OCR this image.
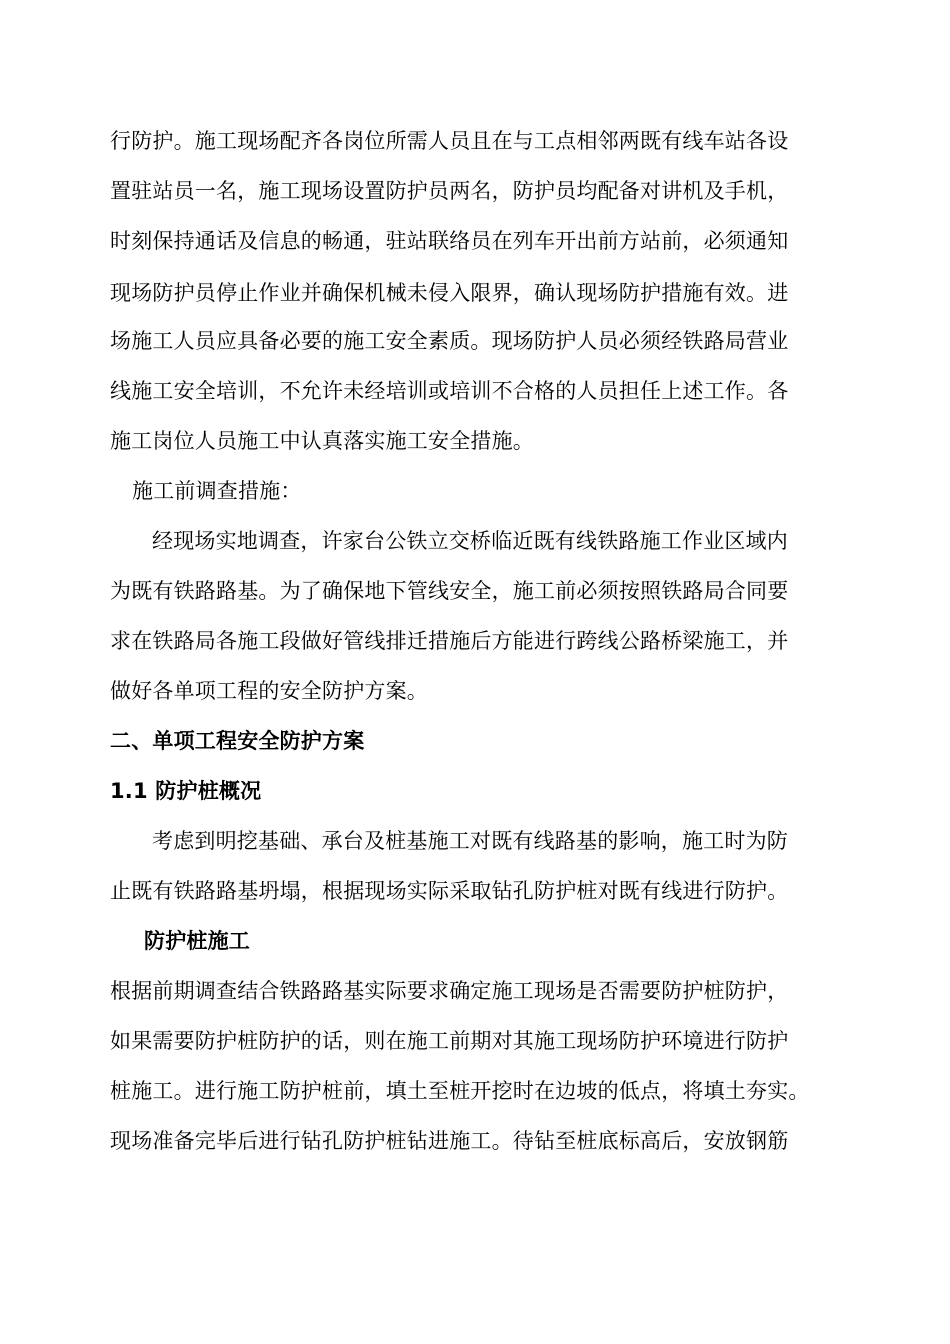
行防护。施工现场配齐各岗位所需人员且在与工点相邻两既有线车站各设
置驻站员一名，施工现场设置防护员两名，防护员均配备对讲机及手机，
时刻保持通话及信息的畅通，驻站联络员在列车开出前方站前，必须通知
现场防护员停止作业并确保机械未侵入限界，确认现场防护措施有效。进
场施工人员应具备必要的施工安全素质。现场防护人员必须经铁路局营业
线施工安全培训，不允许未经培训或培训不合格的人员担任上述工作。各
施工岗位人员施工中认真落实施工安全措施。
施工前调查措施：
经现场实地调查，许家台公铁立交桥临近既有线铁路施工作业区域内
为既有铁路路基。为了确保地下管线安全，施工前必须按照铁路局合同要
求在铁路局各施工段做好管线排迁措施后方能进行跨线公路桥梁施工，并
做好各单项工程的安全防护方案。
二、单项工程安全防护方案
1.1 防护桩概况
考虑到明挖基础、承台及桩基施工对既有线路基的影响，施工时为防
止既有铁路路基坍塌，根据现场实际采取钻孔防护桩对既有线进行防护。
防护桩施工
根据前期调查结合铁路路基实际要求确定施工现场是否需要防护桩防护，
如果需要防护桩防护的话，则在施工前期对其施工现场防护环境进行防护
桩施工。进行施工防护桩前，填土至桩开挖时在边坡的低点，将填土夯实。
现场准备完毕后进行钻孔防护桩钻进施工。待钻至桩底标高后，安放钢筋
